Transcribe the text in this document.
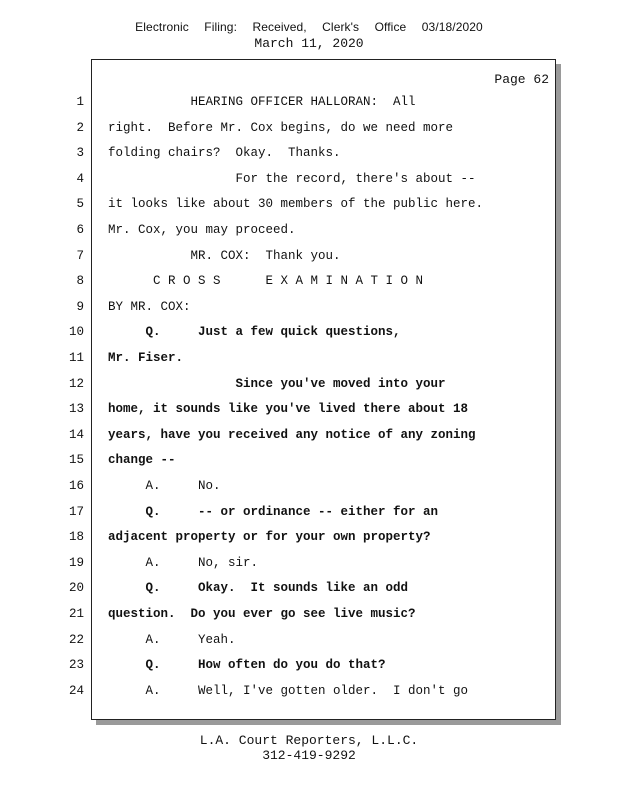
Electronic Filing: Received, Clerk's Office 03/18/2020
March 11, 2020
Page 62
1 HEARING OFFICER HALLORAN:  All
2 right.  Before Mr. Cox begins, do we need more
3 folding chairs?  Okay.  Thanks.
4 For the record, there's about --
5 it looks like about 30 members of the public here.
6 Mr. Cox, you may proceed.
7 MR. COX:  Thank you.
8 C R O S S      E X A M I N A T I O N
9 BY MR. COX:
10 Q.     Just a few quick questions,
11 Mr. Fiser.
12 Since you've moved into your
13 home, it sounds like you've lived there about 18
14 years, have you received any notice of any zoning
15 change --
16 A.     No.
17 Q.     -- or ordinance -- either for an
18 adjacent property or for your own property?
19 A.     No, sir.
20 Q.     Okay.  It sounds like an odd
21 question.  Do you ever go see live music?
22 A.     Yeah.
23 Q.     How often do you do that?
24 A.     Well, I've gotten older.  I don't go
L.A. Court Reporters, L.L.C.
312-419-9292
